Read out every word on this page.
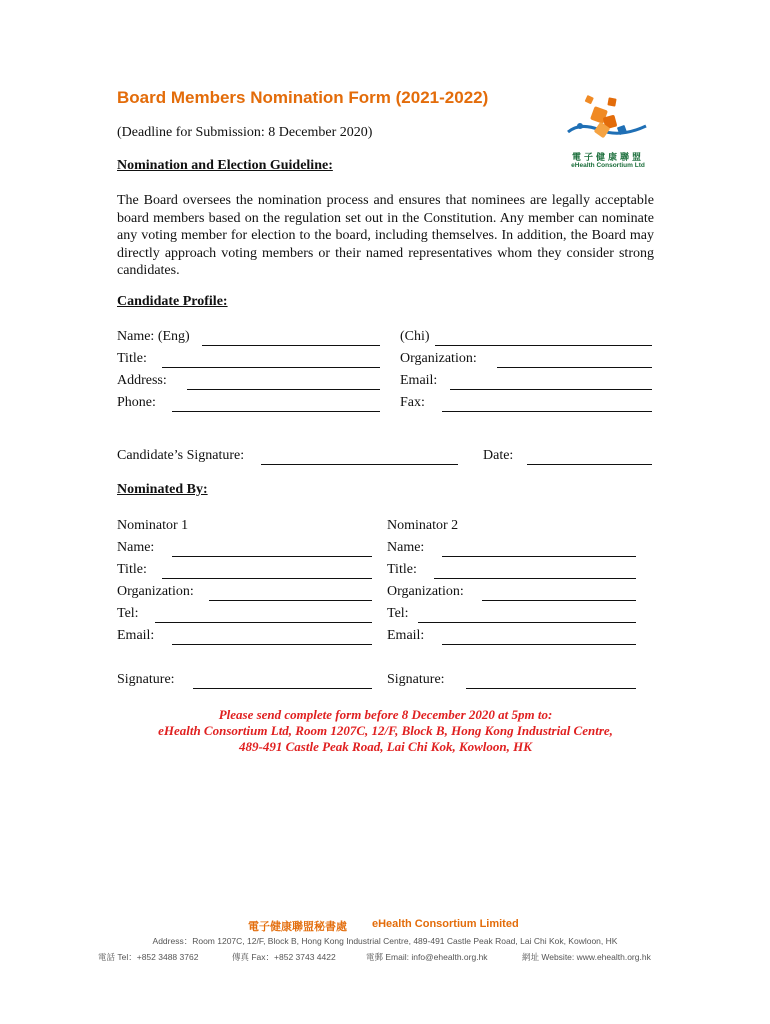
Board Members Nomination Form (2021-2022)
(Deadline for Submission: 8 December 2020)
電子健康聯盟
eHealth Consortium Ltd
Nomination and Election Guideline:
The Board oversees the nomination process and ensures that nominees are legally acceptable board members based on the regulation set out in the Constitution. Any member can nominate any voting member for election to the board, including themselves. In addition, the Board may directly approach voting members or their named representatives whom they consider strong candidates.
Candidate Profile:
Name: (Eng)	(Chi)
Title:	Organization:
Address:	Email:
Phone:	Fax:
Candidate’s Signature:	Date:
Nominated By:
Nominator 1	Nominator 2
Name:	Name:
Title:	Title:
Organization:	Organization:
Tel:	Tel:
Email:	Email:
Signature:	Signature:
Please send complete form before 8 December 2020 at 5pm to:
eHealth Consortium Ltd, Room 1207C, 12/F, Block B, Hong Kong Industrial Centre,
489-491 Castle Peak Road, Lai Chi Kok, Kowloon, HK
電子健康聯盟秘書處 eHealth Consortium Limited
Address：Room 1207C, 12/F, Block B, Hong Kong Industrial Centre, 489-491 Castle Peak Road, Lai Chi Kok, Kowloon, HK
電話 Tel：+852 3488 3762	傳真 Fax：+852 3743 4422	電郵 Email: info@ehealth.org.hk	網址 Website: www.ehealth.org.hk
